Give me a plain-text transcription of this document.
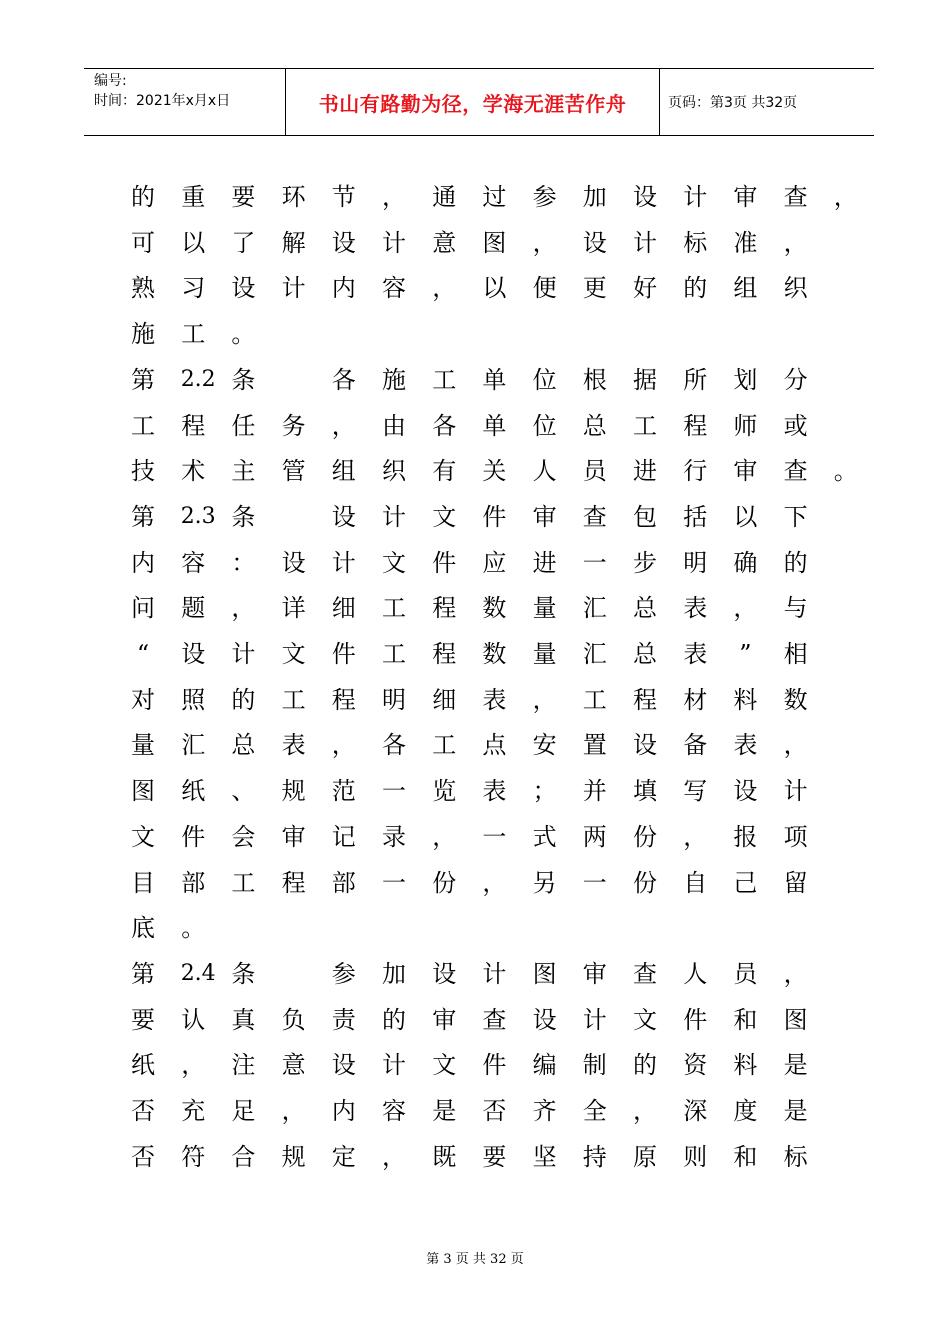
编号:
时间：2021年x月x日	书山有路勤为径，学海无涯苦作舟	页码：第3页 共32页
的 重 要 环 节 ， 通 过 参 加 设 计 审 查 ，
可 以 了 解 设 计 意 图 ， 设 计 标 准 ，
熟 习 设 计 内 容 ， 以 便 更 好 的 组 织
施 工 。
第 2.2 条	各 施 工 单 位 根 据 所 划 分
工 程 任 务 ， 由 各 单 位 总 工 程 师 或
技 术 主 管 组 织 有 关 人 员 进 行 审 查 。
第 2.3 条	设 计 文 件 审 查 包 括 以 下
内 容 ： 设 计 文 件 应 进 一 步 明 确 的
问 题 ， 详 细 工 程 数 量 汇 总 表 ， 与
“ 设 计 文 件 工 程 数 量 汇 总 表 ” 相
对 照 的 工 程 明 细 表 ， 工 程 材 料 数
量 汇 总 表 ， 各 工 点 安 置 设 备 表 ，
图 纸 、 规 范 一 览 表 ； 并 填 写 设 计
文 件 会 审 记 录 ， 一 式 两 份 ， 报 项
目 部 工 程 部 一 份 ， 另 一 份 自 己 留
底 。
第 2.4 条	参 加 设 计 图 审 查 人 员 ，
要 认 真 负 责 的 审 查 设 计 文 件 和 图
纸 ， 注 意 设 计 文 件 编 制 的 资 料 是
否 充 足 ， 内 容 是 否 齐 全 ， 深 度 是
否 符 合 规 定 ， 既 要 坚 持 原 则 和 标
第 3 页 共 32 页
